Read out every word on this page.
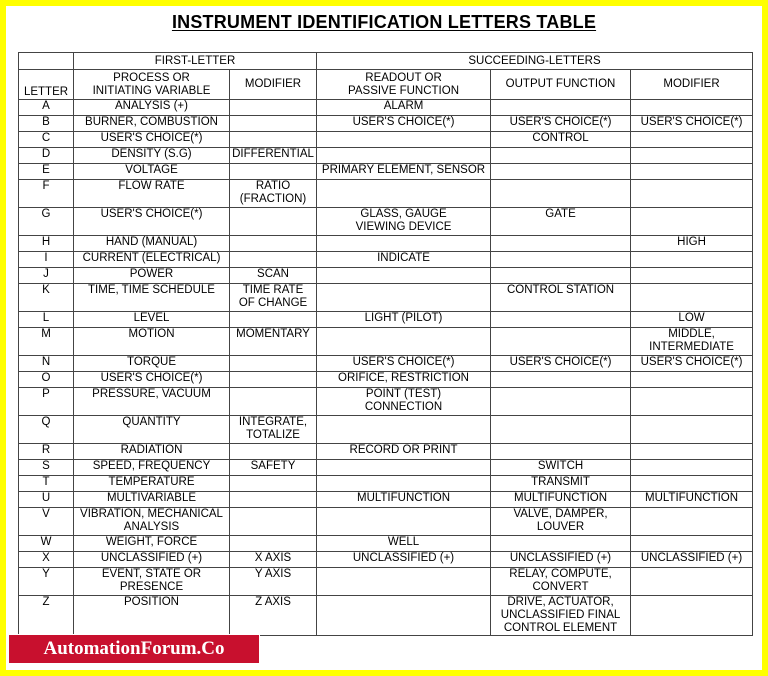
INSTRUMENT IDENTIFICATION LETTERS TABLE
	FIRST-LETTER		SUCCEEDING-LETTERS		
LETTER	PROCESS OR
INITIATING VARIABLE	MODIFIER	READOUT OR
PASSIVE FUNCTION	OUTPUT FUNCTION	MODIFIER
A	ANALYSIS (+)		ALARM		
B	BURNER, COMBUSTION		USER'S CHOICE(*)	USER'S CHOICE(*)	USER'S CHOICE(*)
C	USER'S CHOICE(*)			CONTROL	
D	DENSITY (S.G)	DIFFERENTIAL			
E	VOLTAGE		PRIMARY ELEMENT, SENSOR		
F	FLOW RATE	RATIO
(FRACTION)			
G	USER'S CHOICE(*)		GLASS, GAUGE
VIEWING DEVICE	GATE	
H	HAND (MANUAL)				HIGH
I	CURRENT (ELECTRICAL)		INDICATE		
J	POWER	SCAN			
K	TIME, TIME SCHEDULE	TIME RATE
OF CHANGE		CONTROL STATION	
L	LEVEL		LIGHT (PILOT)		LOW
M	MOTION	MOMENTARY			MIDDLE,
INTERMEDIATE
N	TORQUE		USER'S CHOICE(*)	USER'S CHOICE(*)	USER'S CHOICE(*)
O	USER'S CHOICE(*)		ORIFICE, RESTRICTION		
P	PRESSURE, VACUUM		POINT (TEST)
CONNECTION		
Q	QUANTITY	INTEGRATE,
TOTALIZE			
R	RADIATION		RECORD OR PRINT		
S	SPEED, FREQUENCY	SAFETY		SWITCH	
T	TEMPERATURE			TRANSMIT	
U	MULTIVARIABLE		MULTIFUNCTION	MULTIFUNCTION	MULTIFUNCTION
V	VIBRATION, MECHANICAL
ANALYSIS			VALVE, DAMPER,
LOUVER	
W	WEIGHT, FORCE		WELL		
X	UNCLASSIFIED (+)	X AXIS	UNCLASSIFIED (+)	UNCLASSIFIED (+)	UNCLASSIFIED (+)
Y	EVENT, STATE OR
PRESENCE	Y AXIS		RELAY, COMPUTE,
CONVERT	
Z	POSITION	Z AXIS		DRIVE, ACTUATOR,
UNCLASSIFIED FINAL
CONTROL ELEMENT	
AutomationForum.Co
